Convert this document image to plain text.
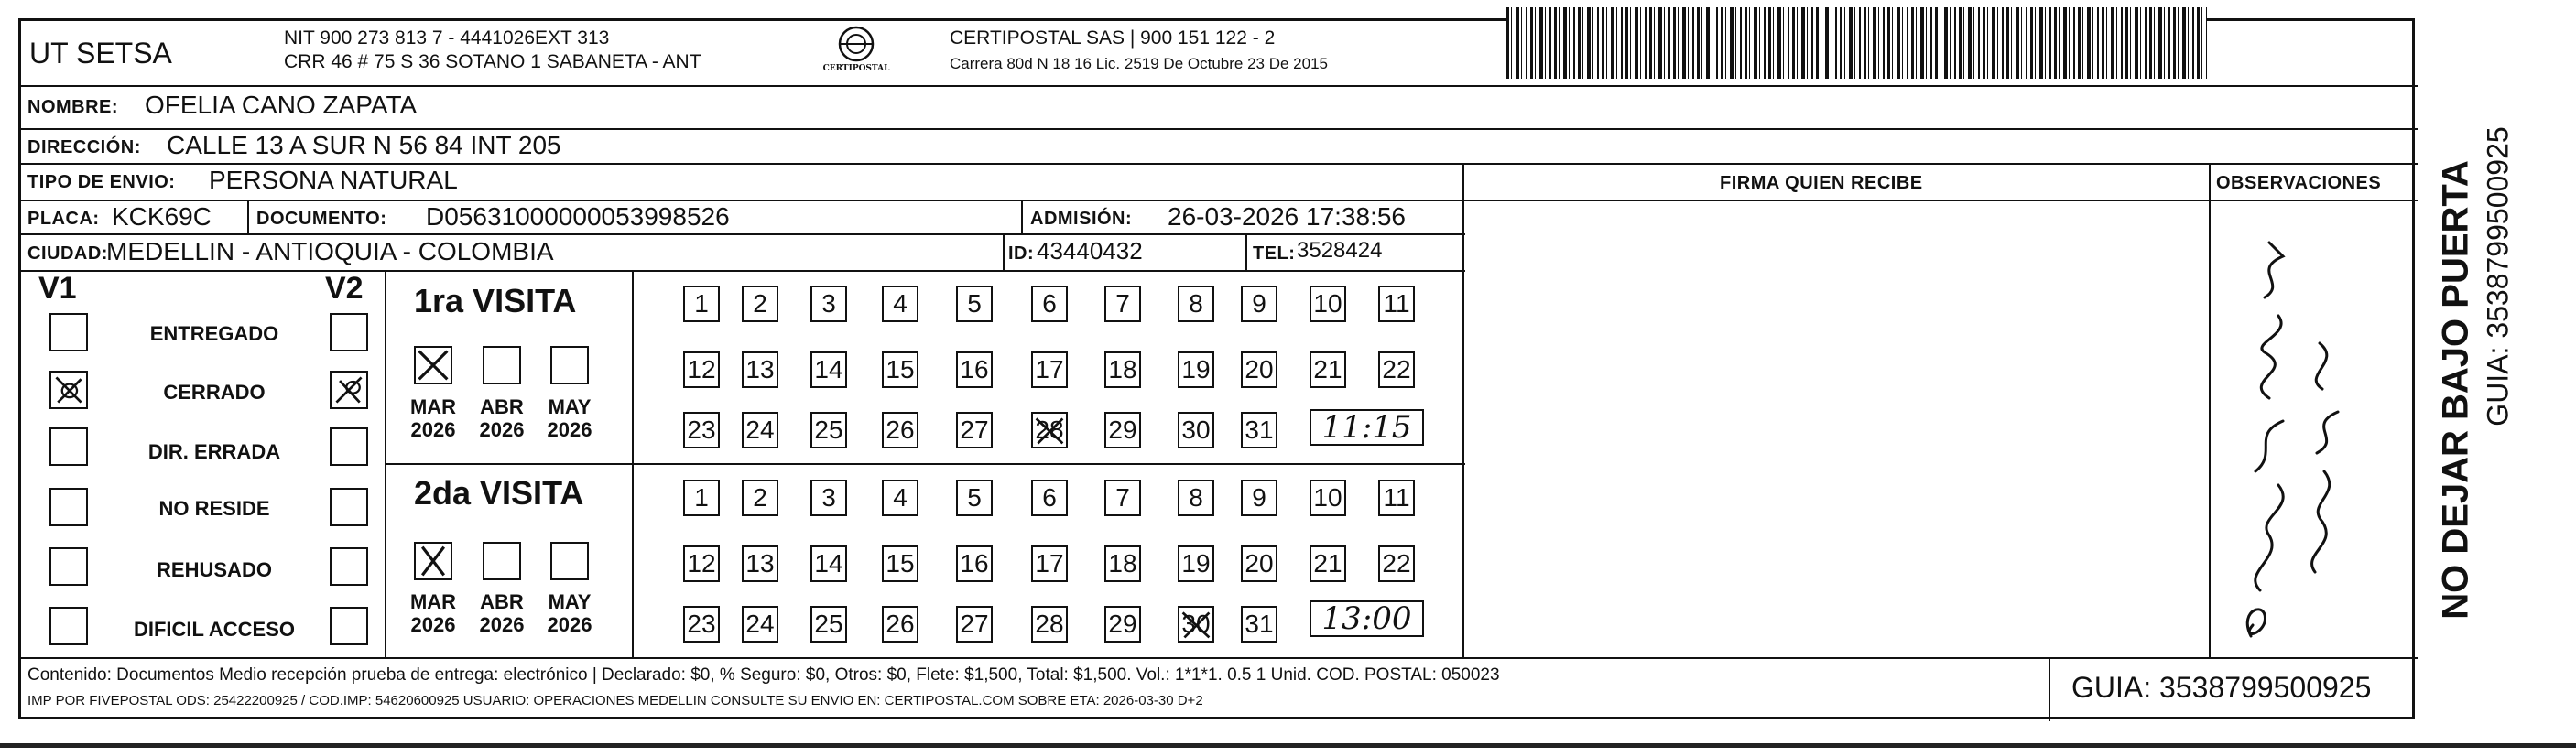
UT SETSA	NIT 900 273 813 7 - 4441026EXT 313
CRR 46 # 75 S 36 SOTANO 1 SABANETA - ANT	CERTIPOSTAL
CERTIPOSTAL SAS | 900 151 122 - 2
Carrera 80d N 18 16 Lic. 2519 De Octubre 23 De 2015
NOMBRE: OFELIA CANO ZAPATA
DIRECCIÓN: CALLE 13 A SUR N 56 84 INT 205
TIPO DE ENVIO: PERSONA NATURAL	FIRMA QUIEN RECIBE	OBSERVACIONES
PLACA: KCK69C DOCUMENTO: D05631000000053998526	ADMISIÓN: 26-03-2026 17:38:56
CIUDAD:
MEDELLIN - ANTIOQUIA - COLOMBIA	ID: 43440432	TEL: 3528424
V1	V2
ENTREGADO
CERRADO
DIR. ERRADA
NO RESIDE
REHUSADO
DIFICIL ACCESO
1ra VISITA
MAR
2026
ABR
2026
MAY
2026
1	2	3	4	5	6	7	8	9	10 11
12 13 14 15 16 17 18 19 20 21 22
23 24 25 26 27 28 29 30 31	11:15
2da VISITA
MAR
2026
ABR
2026
MAY
2026
1	2	3	4	5	6	7	8	9	10 11
12 13 14 15 16 17 18 19 20 21 22
23 24 25 26 27 28 29 30 31	13:00
Contenido: Documentos Medio recepción prueba de entrega: electrónico | Declarado: $0, % Seguro: $0, Otros: $0, Flete: $1,500, Total: $1,500. Vol.: 1*1*1. 0.5 1 Unid. COD. POSTAL: 050023
IMP POR FIVEPOSTAL ODS: 25422200925 / COD.IMP: 54620600925 USUARIO: OPERACIONES MEDELLIN CONSULTE SU ENVIO EN: CERTIPOSTAL.COM SOBRE ETA: 2026-03-30 D+2	GUIA: 3538799500925
NO DEJAR BAJO PUERTA GUIA: 3538799500925
